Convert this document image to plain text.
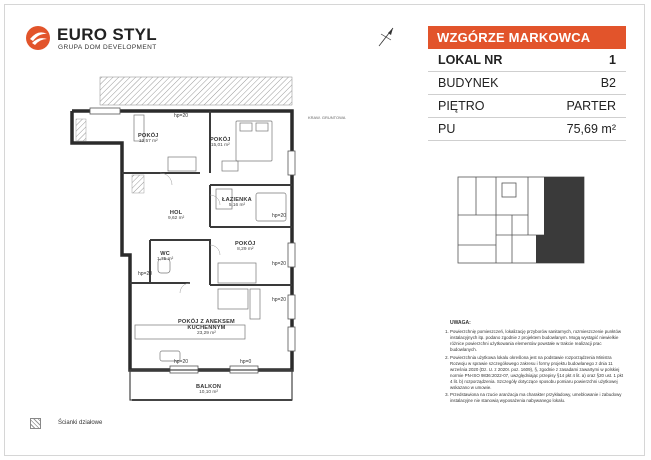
EURO STYL
GRUPA DOM DEVELOPMENT
WZGÓRZE MARKOWCA
LOKAL NR	1
BUDYNEK	B2
PIĘTRO	PARTER
PU	75,69 m²
POKÓJ
12,57 m²	POKÓJ
15,01 m²
ŁAZIENKA
5,16 m²
HOL
9,62 m²
POKÓJ
8,29 m²
WC
1,75 m²
POKÓJ Z ANEKSEM
KUCHENNYM
23,29 m²
BALKON
10,10 m²
hp=20
hp=20
hp=20
hp=20
hp=20	hp=0
hp=20
KRAW. GRUNTOWA
UWAGA:
1. Powierzchnię pomieszczeń, lokalizację przyborów sanitarnych, rozmieszczenie punktów instalacyjnych itp. podano zgodnie z projektem budowlanym. Mogą wystąpić niewielkie różnice powierzchni użytkowania elementów powstałe w trakcie realizacji prac budowlanych.
2. Powierzchnia użytkowa lokalu określona jest na podstawie rozporządzenia Ministra Rozwoju w sprawie szczegółowego zakresu i formy projektu budowlanego z dnia 11 września 2020 (Dz. U. z 2020r. poz. 1609), §, zgodnie z zasadami zawartymi w polskiej normie PN-ISO 9836:2022-07, uwzględniając przepisy §14 pkt 4 lit. a) oraz §20 ust. 1 pkt 4 lit. b) rozporządzenia. Szczegóły dotyczące sposobu pomiaru powierzchni użytkowej wskazano w umowie.
3. Przedstawiona na rzucie aranżacja ma charakter przykładowy, umeblowanie i zabudowy instalacyjne nie stanowią wyposażenia nabywanego lokalu.
Ścianki działowe
